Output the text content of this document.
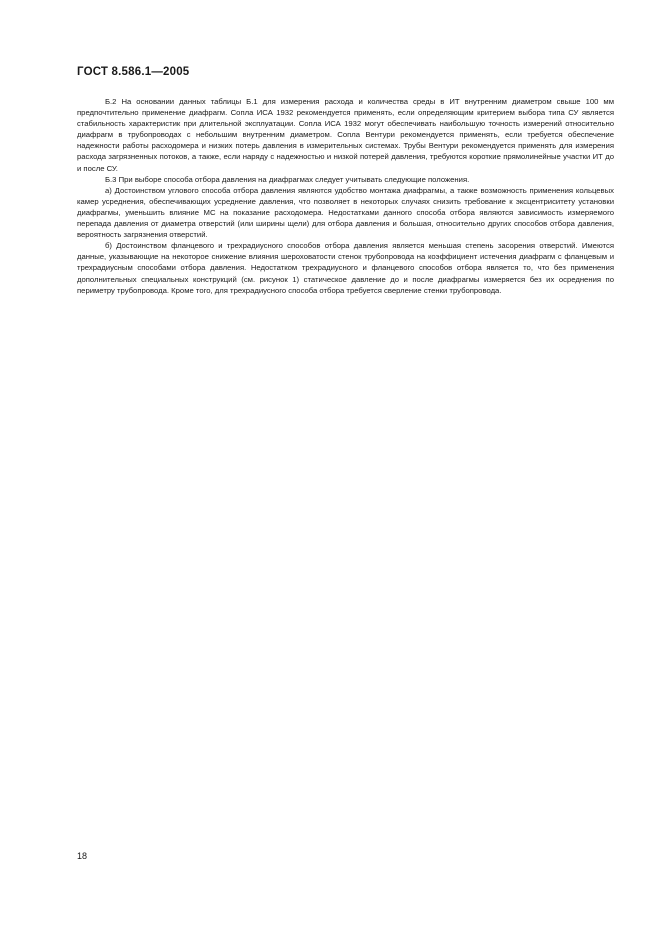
ГОСТ 8.586.1—2005

Б.2 На основании данных таблицы Б.1 для измерения расхода и количества среды в ИТ внутренним диаметром свыше 100 мм предпочтительно применение диафрагм. Сопла ИСА 1932 рекомендуется применять, если определяющим критерием выбора типа СУ является стабильность характеристик при длительной эксплуатации. Сопла ИСА 1932 могут обеспечивать наибольшую точность измерений относительно диафрагм в трубопроводах с небольшим внутренним диаметром. Сопла Вентури рекомендуется применять, если требуется обеспечение надежности работы расходомера и низких потерь давления в измерительных системах. Трубы Вентури рекомендуется применять для измерения расхода загрязненных потоков, а также, если наряду с надежностью и низкой потерей давления, требуются короткие прямолинейные участки ИТ до и после СУ.

Б.3 При выборе способа отбора давления на диафрагмах следует учитывать следующие положения.

а) Достоинством углового способа отбора давления являются удобство монтажа диафрагмы, а также возможность применения кольцевых камер усреднения, обеспечивающих усреднение давления, что позволяет в некоторых случаях снизить требование к эксцентриситету установки диафрагмы, уменьшить влияние МС на показание расходомера. Недостатками данного способа отбора являются зависимость измеряемого перепада давления от диаметра отверстий (или ширины щели) для отбора давления и большая, относительно других способов отбора давления, вероятность загрязнения отверстий.

б) Достоинством фланцевого и трехрадиусного способов отбора давления является меньшая степень засорения отверстий. Имеются данные, указывающие на некоторое снижение влияния шероховатости стенок трубопровода на коэффициент истечения диафрагм с фланцевым и трехрадиусным способами отбора давления. Недостатком трехрадиусного и фланцевого способов отбора является то, что без применения дополнительных специальных конструкций (см. рисунок 1) статическое давление до и после диафрагмы измеряется без их осреднения по периметру трубопровода. Кроме того, для трехрадиусного способа отбора требуется сверление стенки трубопровода.

18
